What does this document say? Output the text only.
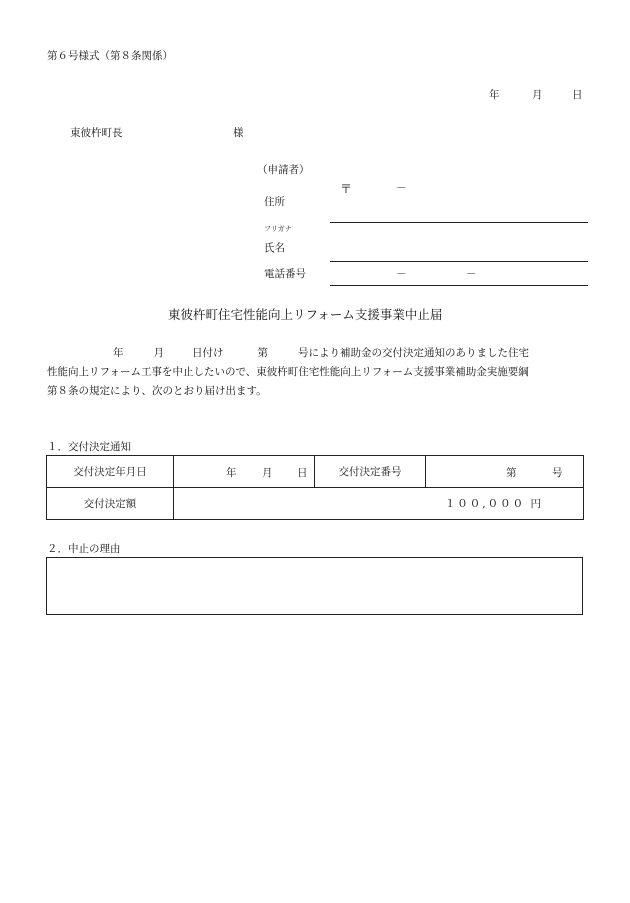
第６号様式（第８条関係）
年	月	日
東彼杵町長	様
（申請者）
〒	－
住所
フリガナ
氏名
電話番号	－	－
東彼杵町住宅性能向上リフォーム支援事業中止届
年	月	日付け	第	号により補助金の交付決定通知のありました住宅
性能向上リフォーム工事を中止したいので、東彼杵町住宅性能向上リフォーム支援事業補助金実施要綱
第８条の規定により、次のとおり届け出ます。
１．交付決定通知
交付決定年月日	年 月 日	交付決定番号	第 号

交付決定額	１００,０００ 円		
２．中止の理由
